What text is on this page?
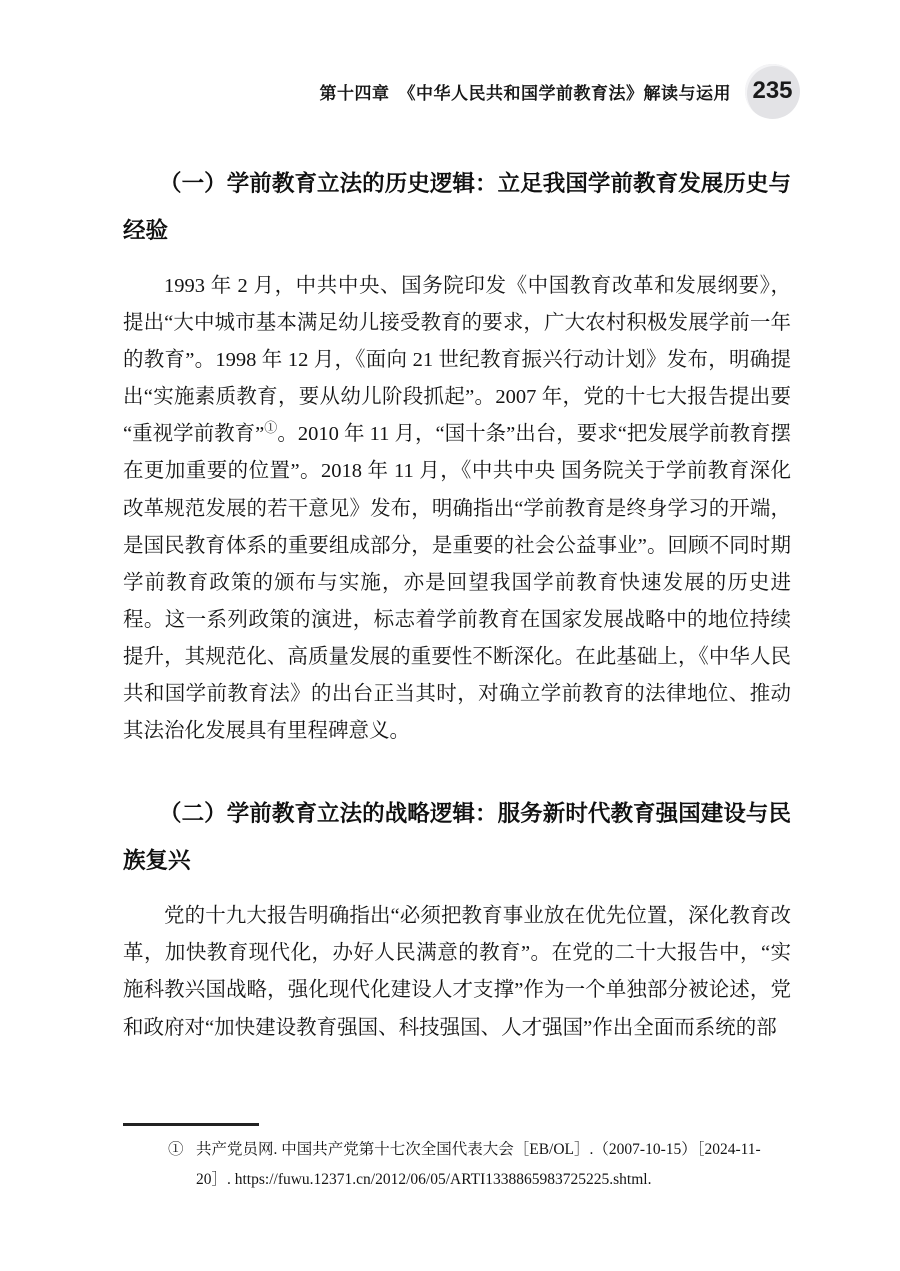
第十四章　《中华人民共和国学前教育法》解读与运用 235
（一）学前教育立法的历史逻辑：立足我国学前教育发展历史与经验

1993 年 2 月，中共中央、国务院印发《中国教育改革和发展纲要》，提出“大中城市基本满足幼儿接受教育的要求，广大农村积极发展学前一年的教育”。1998 年 12 月，《面向 21 世纪教育振兴行动计划》发布，明确提出“实施素质教育，要从幼儿阶段抓起”。2007 年，党的十七大报告提出要“重视学前教育”①。2010 年 11 月，“国十条”出台，要求“把发展学前教育摆在更加重要的位置”。2018 年 11 月，《中共中央 国务院关于学前教育深化改革规范发展的若干意见》发布，明确指出“学前教育是终身学习的开端，是国民教育体系的重要组成部分，是重要的社会公益事业”。回顾不同时期学前教育政策的颁布与实施，亦是回望我国学前教育快速发展的历史进程。这一系列政策的演进，标志着学前教育在国家发展战略中的地位持续提升，其规范化、高质量发展的重要性不断深化。在此基础上，《中华人民共和国学前教育法》的出台正当其时，对确立学前教育的法律地位、推动其法治化发展具有里程碑意义。

（二）学前教育立法的战略逻辑：服务新时代教育强国建设与民族复兴

党的十九大报告明确指出“必须把教育事业放在优先位置，深化教育改革，加快教育现代化，办好人民满意的教育”。在党的二十大报告中，“实施科教兴国战略，强化现代化建设人才支撑”作为一个单独部分被论述，党和政府对“加快建设教育强国、科技强国、人才强国”作出全面而系统的部

① 共产党员网. 中国共产党第十七次全国代表大会［EB/OL］.（2007-10-15）［2024-11-20］. https://fuwu.12371.cn/2012/06/05/ARTI1338865983725225.shtml.
